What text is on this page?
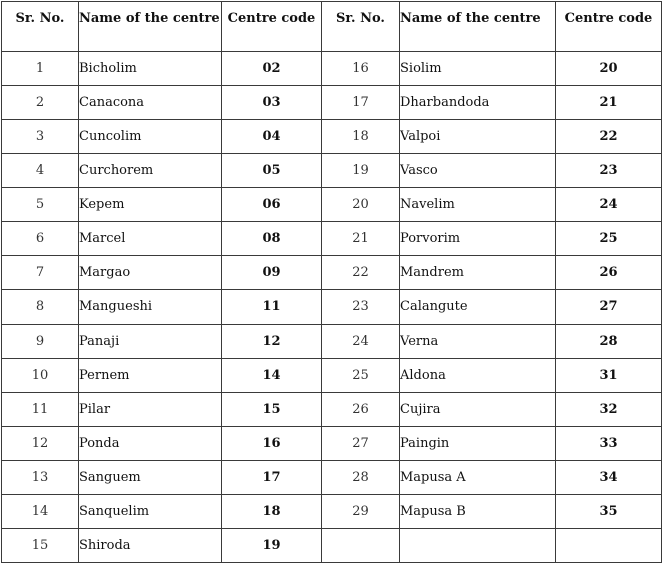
Sr. No.	Name of the centre	Centre code	Sr. No.	Name of the centre	Centre code
1	Bicholim	02	16	Siolim	20
2	Canacona	03	17	Dharbandoda	21
3	Cuncolim	04	18	Valpoi	22
4	Curchorem	05	19	Vasco	23
5	Kepem	06	20	Navelim	24
6	Marcel	08	21	Porvorim	25
7	Margao	09	22	Mandrem	26
8	Mangueshi	11	23	Calangute	27
9	Panaji	12	24	Verna	28
10	Pernem	14	25	Aldona	31
11	Pilar	15	26	Cujira	32
12	Ponda	16	27	Paingin	33
13	Sanguem	17	28	Mapusa A	34
14	Sanquelim	18	29	Mapusa B	35
15	Shiroda	19			
